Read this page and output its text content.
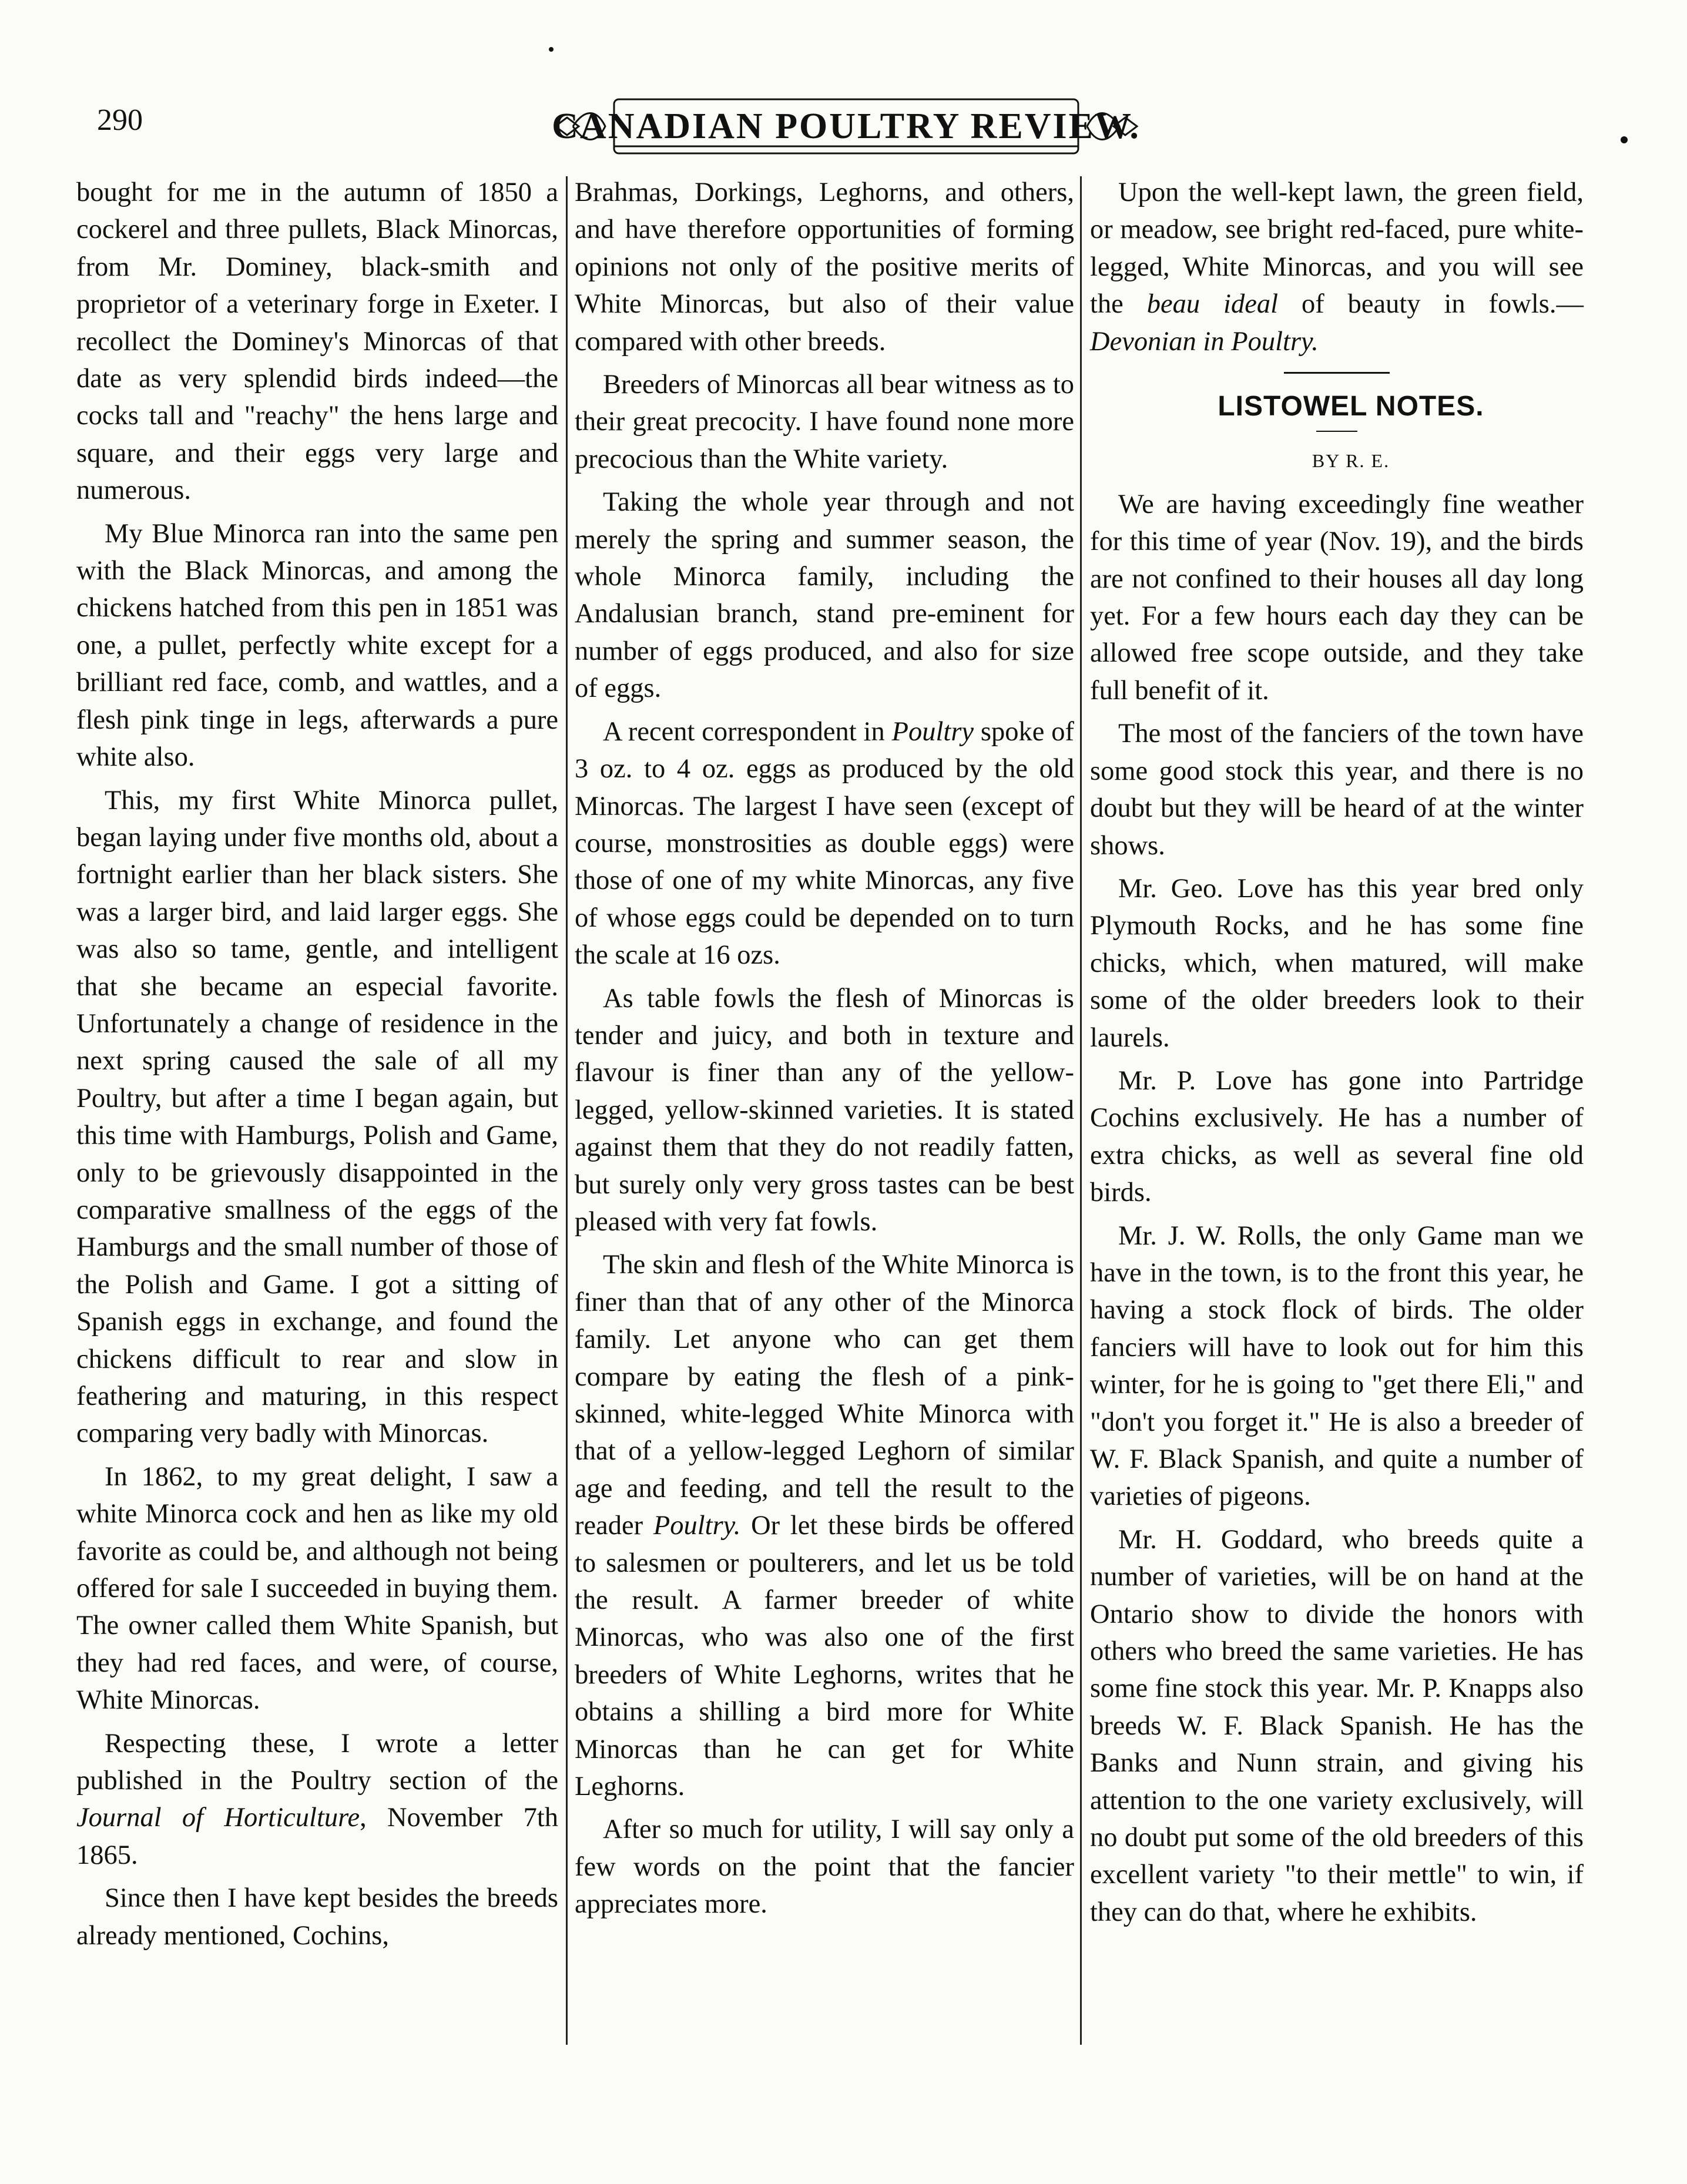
290	CANADIAN POULTRY REVIEW.

bought for me in the autumn of 1850 a cockerel and three pullets, Black Minorcas, from Mr. Dominey, black-smith and proprietor of a veterinary forge in Exeter. I recollect the Dominey's Minorcas of that date as very splendid birds indeed—the cocks tall and "reachy" the hens large and square, and their eggs very large and numerous.

My Blue Minorca ran into the same pen with the Black Minorcas, and among the chickens hatched from this pen in 1851 was one, a pullet, perfectly white except for a brilliant red face, comb, and wattles, and a flesh pink tinge in legs, afterwards a pure white also.

This, my first White Minorca pullet, began laying under five months old, about a fortnight earlier than her black sisters. She was a larger bird, and laid larger eggs. She was also so tame, gentle, and intelligent that she became an especial favorite. Unfortunately a change of residence in the next spring caused the sale of all my Poultry, but after a time I began again, but this time with Hamburgs, Polish and Game, only to be grievously disappointed in the comparative smallness of the eggs of the Hamburgs and the small number of those of the Polish and Game. I got a sitting of Spanish eggs in exchange, and found the chickens difficult to rear and slow in feathering and maturing, in this respect comparing very badly with Minorcas.

In 1862, to my great delight, I saw a white Minorca cock and hen as like my old favorite as could be, and although not being offered for sale I succeeded in buying them. The owner called them White Spanish, but they had red faces, and were, of course, White Minorcas.

Respecting these, I wrote a letter published in the Poultry section of the Journal of Horticulture, November 7th 1865.

Since then I have kept besides the breeds already mentioned, Cochins,

Brahmas, Dorkings, Leghorns, and others, and have therefore opportunities of forming opinions not only of the positive merits of White Minorcas, but also of their value compared with other breeds.

Breeders of Minorcas all bear witness as to their great precocity. I have found none more precocious than the White variety.

Taking the whole year through and not merely the spring and summer season, the whole Minorca family, including the Andalusian branch, stand pre-eminent for number of eggs produced, and also for size of eggs.

A recent correspondent in Poultry spoke of 3 oz. to 4 oz. eggs as produced by the old Minorcas. The largest I have seen (except of course, monstrosities as double eggs) were those of one of my white Minorcas, any five of whose eggs could be depended on to turn the scale at 16 ozs.

As table fowls the flesh of Minorcas is tender and juicy, and both in texture and flavour is finer than any of the yellow-legged, yellow-skinned varieties. It is stated against them that they do not readily fatten, but surely only very gross tastes can be best pleased with very fat fowls.

The skin and flesh of the White Minorca is finer than that of any other of the Minorca family. Let anyone who can get them compare by eating the flesh of a pink-skinned, white-legged White Minorca with that of a yellow-legged Leghorn of similar age and feeding, and tell the result to the reader Poultry. Or let these birds be offered to salesmen or poulterers, and let us be told the result. A farmer breeder of white Minorcas, who was also one of the first breeders of White Leghorns, writes that he obtains a shilling a bird more for White Minorcas than he can get for White Leghorns.

After so much for utility, I will say only a few words on the point that the fancier appreciates more.

Upon the well-kept lawn, the green field, or meadow, see bright red-faced, pure white-legged, White Minorcas, and you will see the beau ideal of beauty in fowls.—Devonian in Poultry.

LISTOWEL NOTES.

BY R. E.

We are having exceedingly fine weather for this time of year (Nov. 19), and the birds are not confined to their houses all day long yet. For a few hours each day they can be allowed free scope outside, and they take full benefit of it.

The most of the fanciers of the town have some good stock this year, and there is no doubt but they will be heard of at the winter shows.

Mr. Geo. Love has this year bred only Plymouth Rocks, and he has some fine chicks, which, when matured, will make some of the older breeders look to their laurels.

Mr. P. Love has gone into Partridge Cochins exclusively. He has a number of extra chicks, as well as several fine old birds.

Mr. J. W. Rolls, the only Game man we have in the town, is to the front this year, he having a stock flock of birds. The older fanciers will have to look out for him this winter, for he is going to "get there Eli," and "don't you forget it." He is also a breeder of W. F. Black Spanish, and quite a number of varieties of pigeons.

Mr. H. Goddard, who breeds quite a number of varieties, will be on hand at the Ontario show to divide the honors with others who breed the same varieties. He has some fine stock this year. Mr. P. Knapps also breeds W. F. Black Spanish. He has the Banks and Nunn strain, and giving his attention to the one variety exclusively, will no doubt put some of the old breeders of this excellent variety "to their mettle" to win, if they can do that, where he exhibits.
